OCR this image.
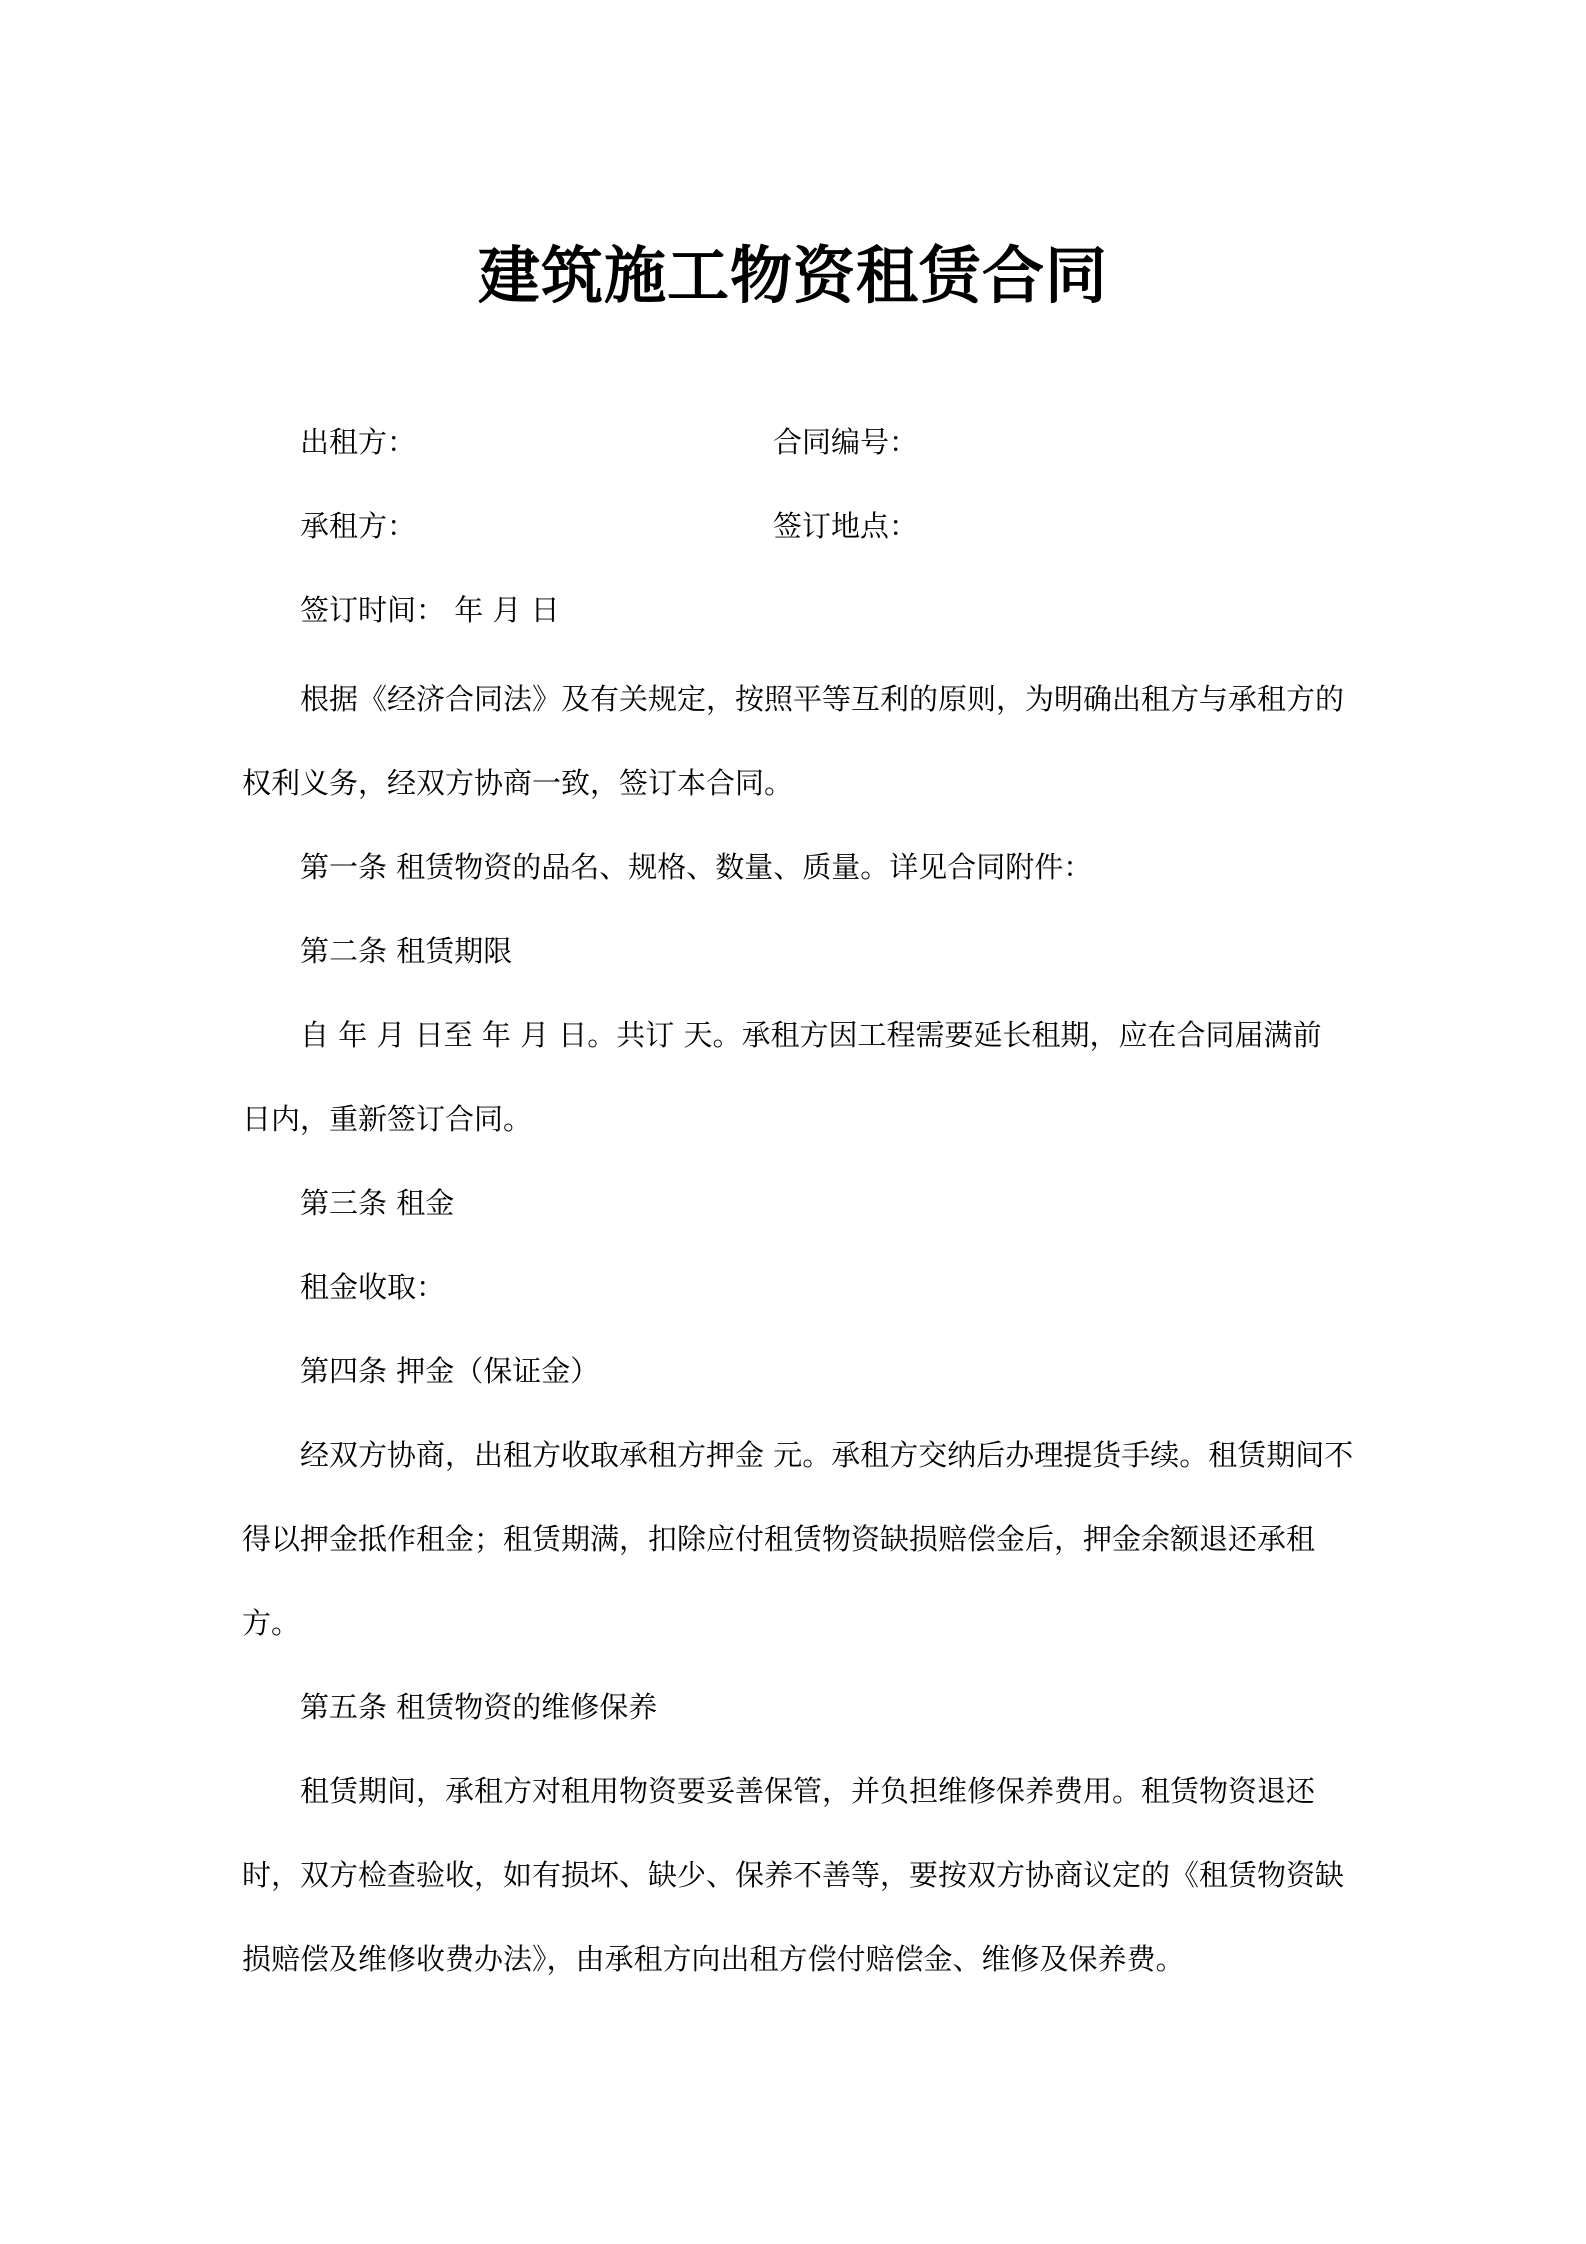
建筑施工物资租赁合同
出租方：	合同编号：
承租方：	签订地点：
签订时间： 年 月 日

根据《经济合同法》及有关规定，按照平等互利的原则，为明确出租方与承租方的权利义务，经双方协商一致，签订本合同。

第一条 租赁物资的品名、规格、数量、质量。详见合同附件：

第二条 租赁期限

自 年 月 日至 年 月 日。共订 天。承租方因工程需要延长租期，应在合同届满前 日内，重新签订合同。

第三条 租金

租金收取：

第四条 押金（保证金）

经双方协商，出租方收取承租方押金 元。承租方交纳后办理提货手续。租赁期间不得以押金抵作租金；租赁期满，扣除应付租赁物资缺损赔偿金后，押金余额退还承租方。

第五条 租赁物资的维修保养

租赁期间，承租方对租用物资要妥善保管，并负担维修保养费用。租赁物资退还时，双方检查验收，如有损坏、缺少、保养不善等，要按双方协商议定的《租赁物资缺损赔偿及维修收费办法》，由承租方向出租方偿付赔偿金、维修及保养费。
